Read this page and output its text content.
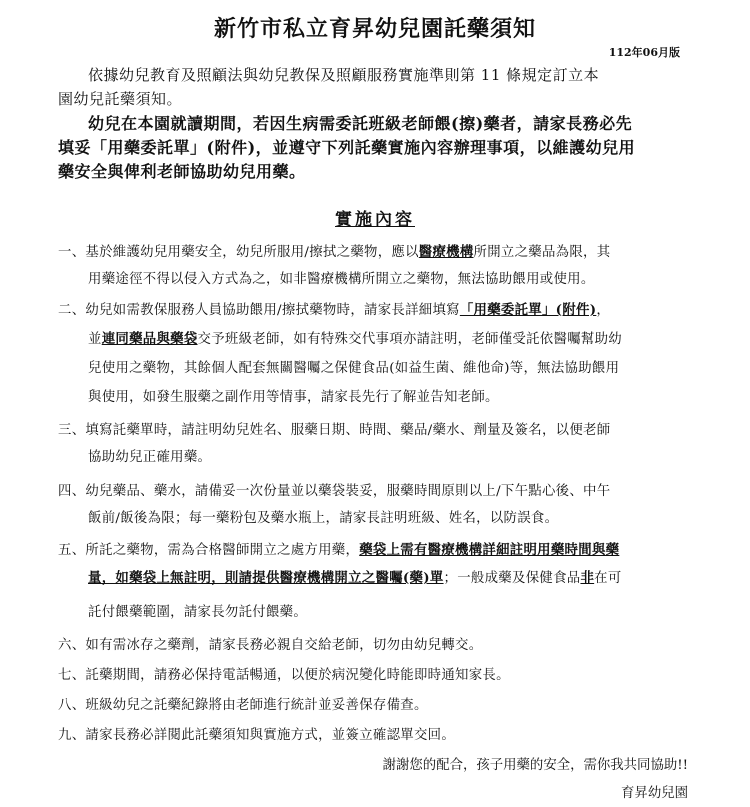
新竹市私立育昇幼兒園託藥須知
112年06月版
依據幼兒教育及照顧法與幼兒教保及照顧服務實施準則第 11 條規定訂立本
園幼兒託藥須知。
幼兒在本園就讀期間，若因生病需委託班級老師餵(擦)藥者，請家長務必先
填妥「用藥委託單」(附件)，並遵守下列託藥實施內容辦理事項，以維護幼兒用
藥安全與俾利老師協助幼兒用藥。
實施內容
一、基於維護幼兒用藥安全，幼兒所服用/擦拭之藥物，應以醫療機構所開立之藥品為限，其
用藥途徑不得以侵入方式為之，如非醫療機構所開立之藥物，無法協助餵用或使用。
二、幼兒如需教保服務人員協助餵用/擦拭藥物時，請家長詳細填寫「用藥委託單」(附件)，
並連同藥品與藥袋交予班級老師，如有特殊交代事項亦請註明，老師僅受託依醫囑幫助幼
兒使用之藥物，其餘個人配套無關醫囑之保健食品(如益生菌、維他命)等，無法協助餵用
與使用，如發生服藥之副作用等情事，請家長先行了解並告知老師。
三、填寫託藥單時，請註明幼兒姓名、服藥日期、時間、藥品/藥水、劑量及簽名，以便老師
協助幼兒正確用藥。
四、幼兒藥品、藥水，請備妥一次份量並以藥袋裝妥，服藥時間原則以上/下午點心後、中午
飯前/飯後為限；每一藥粉包及藥水瓶上，請家長註明班級、姓名，以防誤食。
五、所託之藥物，需為合格醫師開立之處方用藥，藥袋上需有醫療機構詳細註明用藥時間與藥
量，如藥袋上無註明，則請提供醫療機構開立之醫囑(藥)單；一般成藥及保健食品非在可
託付餵藥範圍，請家長勿託付餵藥。
六、如有需冰存之藥劑，請家長務必親自交給老師，切勿由幼兒轉交。
七、託藥期間，請務必保持電話暢通，以便於病況變化時能即時通知家長。
八、班級幼兒之託藥紀錄將由老師進行統計並妥善保存備查。
九、請家長務必詳閱此託藥須知與實施方式，並簽立確認單交回。
謝謝您的配合，孩子用藥的安全，需你我共同協助!!
育昇幼兒園
